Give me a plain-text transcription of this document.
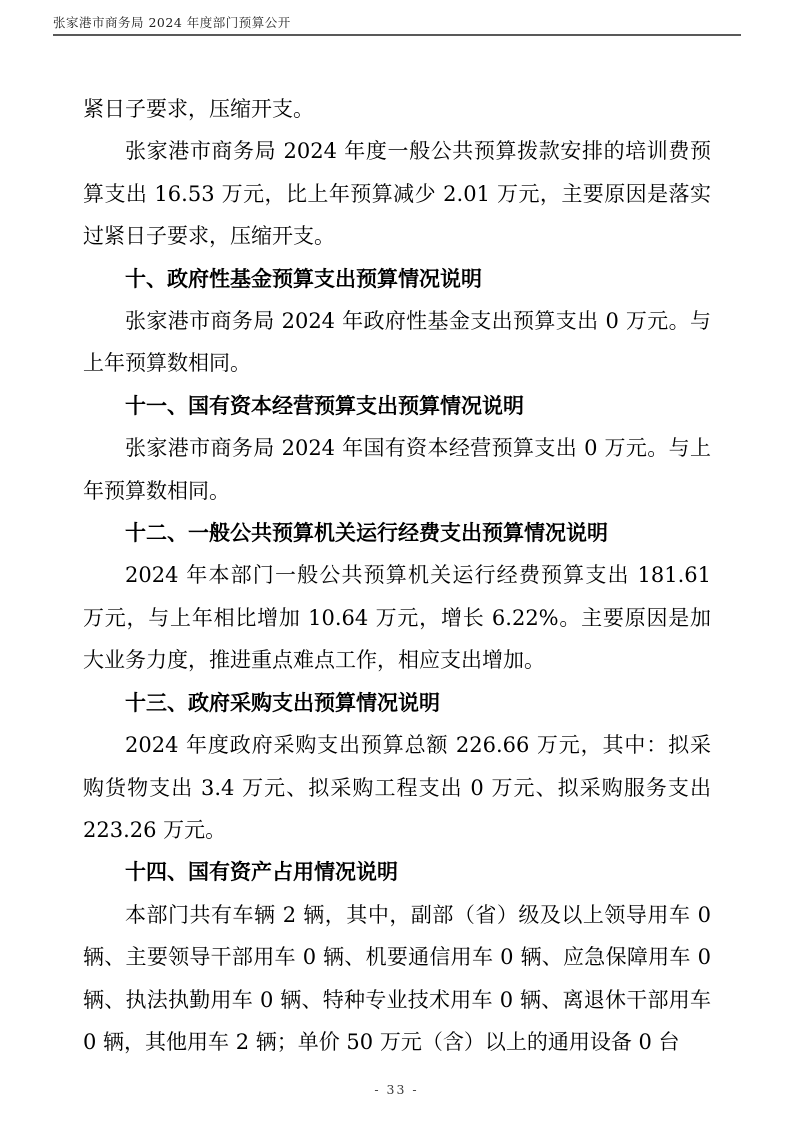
张家港市商务局 2024 年度部门预算公开

紧日子要求，压缩开支。

张家港市商务局 2024 年度一般公共预算拨款安排的培训费预算支出 16.53 万元，比上年预算减少 2.01 万元，主要原因是落实过紧日子要求，压缩开支。

十、政府性基金预算支出预算情况说明

张家港市商务局 2024 年政府性基金支出预算支出 0 万元。与上年预算数相同。

十一、国有资本经营预算支出预算情况说明

张家港市商务局 2024 年国有资本经营预算支出 0 万元。与上年预算数相同。

十二、一般公共预算机关运行经费支出预算情况说明

2024 年本部门一般公共预算机关运行经费预算支出 181.61 万元，与上年相比增加 10.64 万元，增长 6.22%。主要原因是加大业务力度，推进重点难点工作，相应支出增加。

十三、政府采购支出预算情况说明

2024 年度政府采购支出预算总额 226.66 万元，其中：拟采购货物支出 3.4 万元、拟采购工程支出 0 万元、拟采购服务支出 223.26 万元。

十四、国有资产占用情况说明

本部门共有车辆 2 辆，其中，副部（省）级及以上领导用车 0 辆、主要领导干部用车 0 辆、机要通信用车 0 辆、应急保障用车 0 辆、执法执勤用车 0 辆、特种专业技术用车 0 辆、离退休干部用车 0 辆，其他用车 2 辆；单价 50 万元（含）以上的通用设备 0 台

- 33 -
